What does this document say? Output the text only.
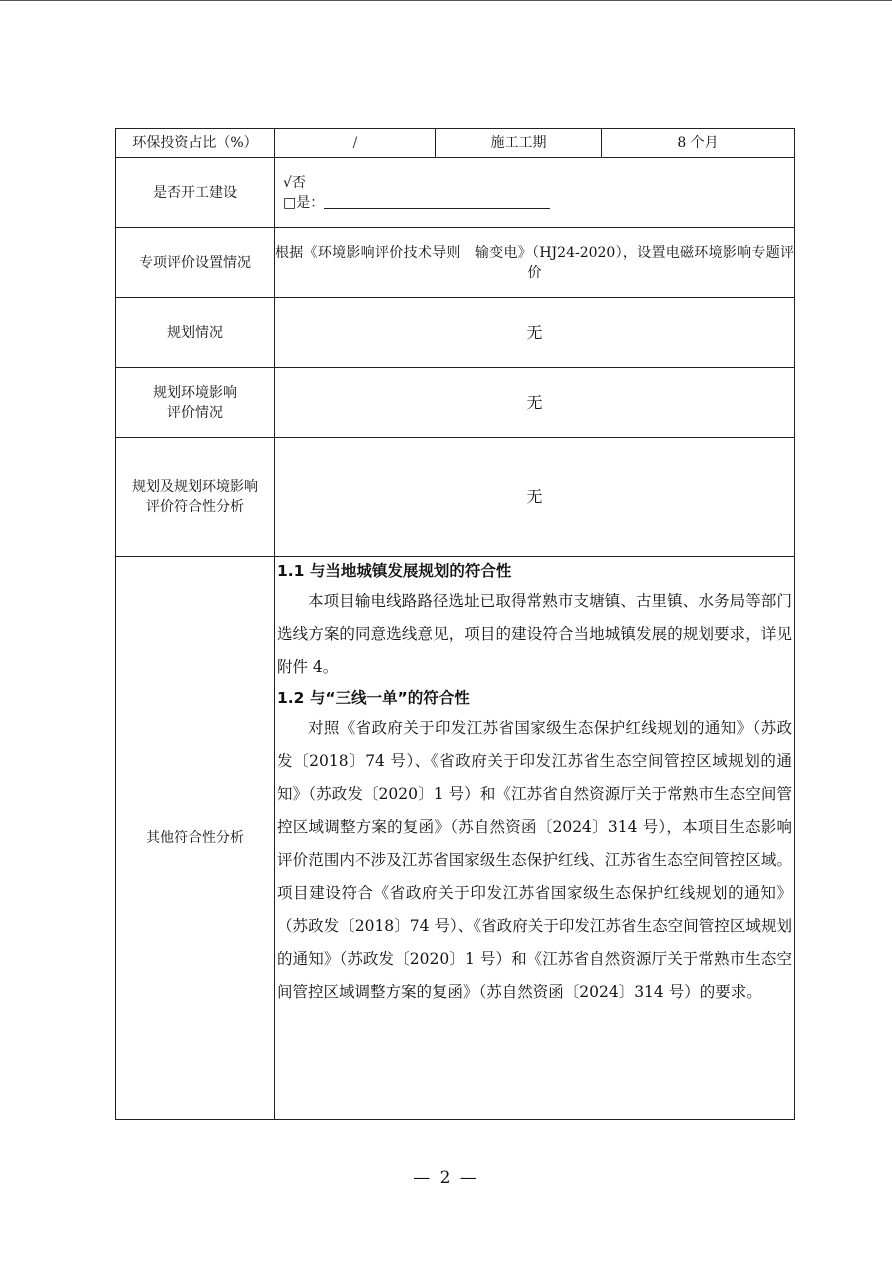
环保投资占比（%）	/	施工工期	8 个月
是否开工建设	√否
□是：		

专项评价设置情况	根据《环境影响评价技术导则　输变电》（HJ24-2020），设置电磁环境影响专题评价		
规划情况	无		

规划环境影响
评价情况	无		

规划及规划环境影响
评价符合性分析	无		
其他符合性分析	1.1 与当地城镇发展规划的符合性

本项目输电线路路径选址已取得常熟市支塘镇、古里镇、水务局等部门选线方案的同意选线意见，项目的建设符合当地城镇发展的规划要求，详见附件 4。

1.2 与“三线一单”的符合性

对照《省政府关于印发江苏省国家级生态保护红线规划的通知》（苏政发〔2018〕74 号）、《省政府关于印发江苏省生态空间管控区域规划的通知》（苏政发〔2020〕1 号）和《江苏省自然资源厅关于常熟市生态空间管控区域调整方案的复函》（苏自然资函〔2024〕314 号），本项目生态影响评价范围内不涉及江苏省国家级生态保护红线、江苏省生态空间管控区域。项目建设符合《省政府关于印发江苏省国家级生态保护红线规划的通知》（苏政发〔2018〕74 号）、《省政府关于印发江苏省生态空间管控区域规划的通知》（苏政发〔2020〕1 号）和《江苏省自然资源厅关于常熟市生态空间管控区域调整方案的复函》（苏自然资函〔2024〕314 号）的要求。		

— 2 —
